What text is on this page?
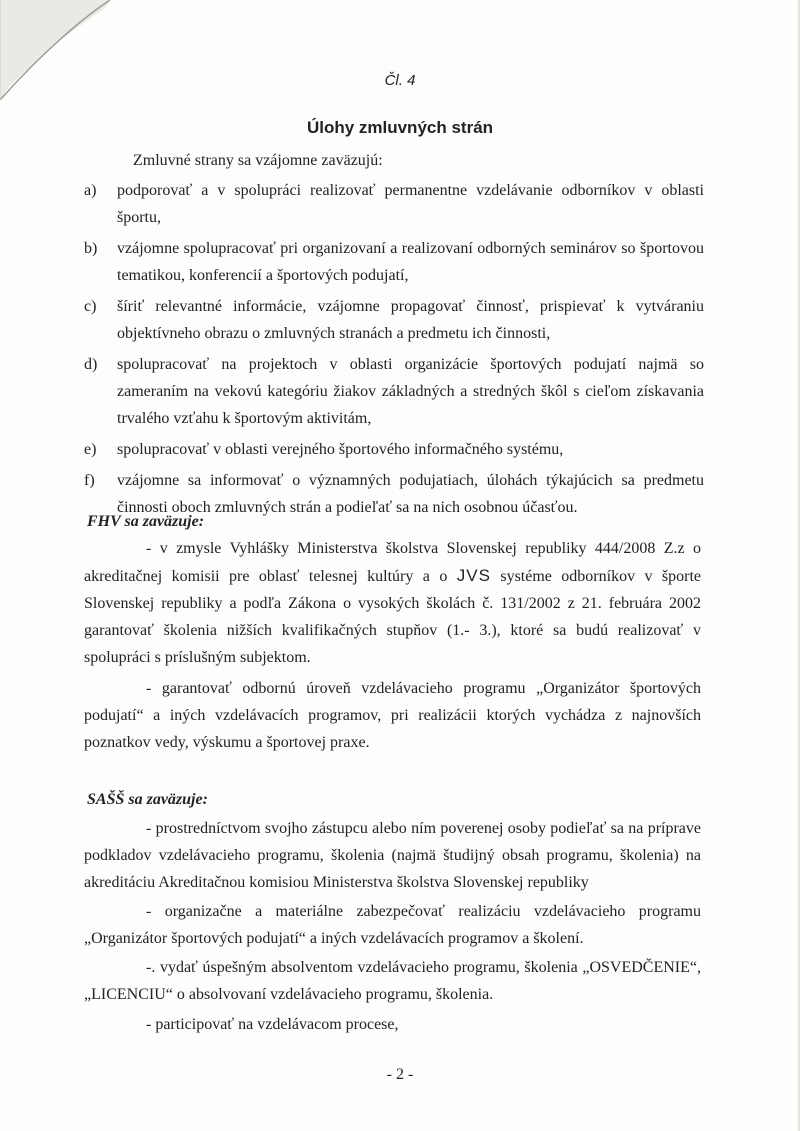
Čl. 4
Úlohy zmluvných strán
Zmluvné strany sa vzájomne zaväzujú:
a) podporovať a v spolupráci realizovať permanentne vzdelávanie odborníkov v oblasti športu,
b) vzájomne spolupracovať pri organizovaní a realizovaní odborných seminárov so športovou tematikou, konferencií a športových podujatí,
c) šíriť relevantné informácie, vzájomne propagovať činnosť, prispievať k vytváraniu objektívneho obrazu o zmluvných stranách a predmetu ich činnosti,
d) spolupracovať na projektoch v oblasti organizácie športových podujatí najmä so zameraním na vekovú kategóriu žiakov základných a stredných škôl s cieľom získavania trvalého vzťahu k športovým aktivitám,
e) spolupracovať v oblasti verejného športového informačného systému,
f) vzájomne sa informovať o významných podujatiach, úlohách týkajúcich sa predmetu činnosti oboch zmluvných strán a podieľať sa na nich osobnou účasťou.
FHV sa zaväzuje:
- v zmysle Vyhlášky Ministerstva školstva Slovenskej republiky 444/2008 Z.z o akreditačnej komisii pre oblasť telesnej kultúry a o JVS systéme odborníkov v športe Slovenskej republiky a podľa Zákona o vysokých školách č. 131/2002 z 21. februára 2002 garantovať školenia nižších kvalifikačných stupňov (1.- 3.), ktoré sa budú realizovať v spolupráci s príslušným subjektom.
- garantovať odbornú úroveň vzdelávacieho programu „Organizátor športových podujatí“ a iných vzdelávacích programov, pri realizácii ktorých vychádza z najnovších poznatkov vedy, výskumu a športovej praxe.
SAŠŠ sa zaväzuje:
- prostredníctvom svojho zástupcu alebo ním poverenej osoby podieľať sa na príprave podkladov vzdelávacieho programu, školenia (najmä študijný obsah programu, školenia) na akreditáciu Akreditačnou komisiou Ministerstva školstva Slovenskej republiky
- organizačne a materiálne zabezpečovať realizáciu vzdelávacieho programu „Organizátor športových podujatí“ a iných vzdelávacích programov a školení.
-. vydať úspešným absolventom vzdelávacieho programu, školenia „OSVEDČENIE“, „LICENCIU“ o absolvovaní vzdelávacieho programu, školenia.
- participovať na vzdelávacom procese,
- 2 -
